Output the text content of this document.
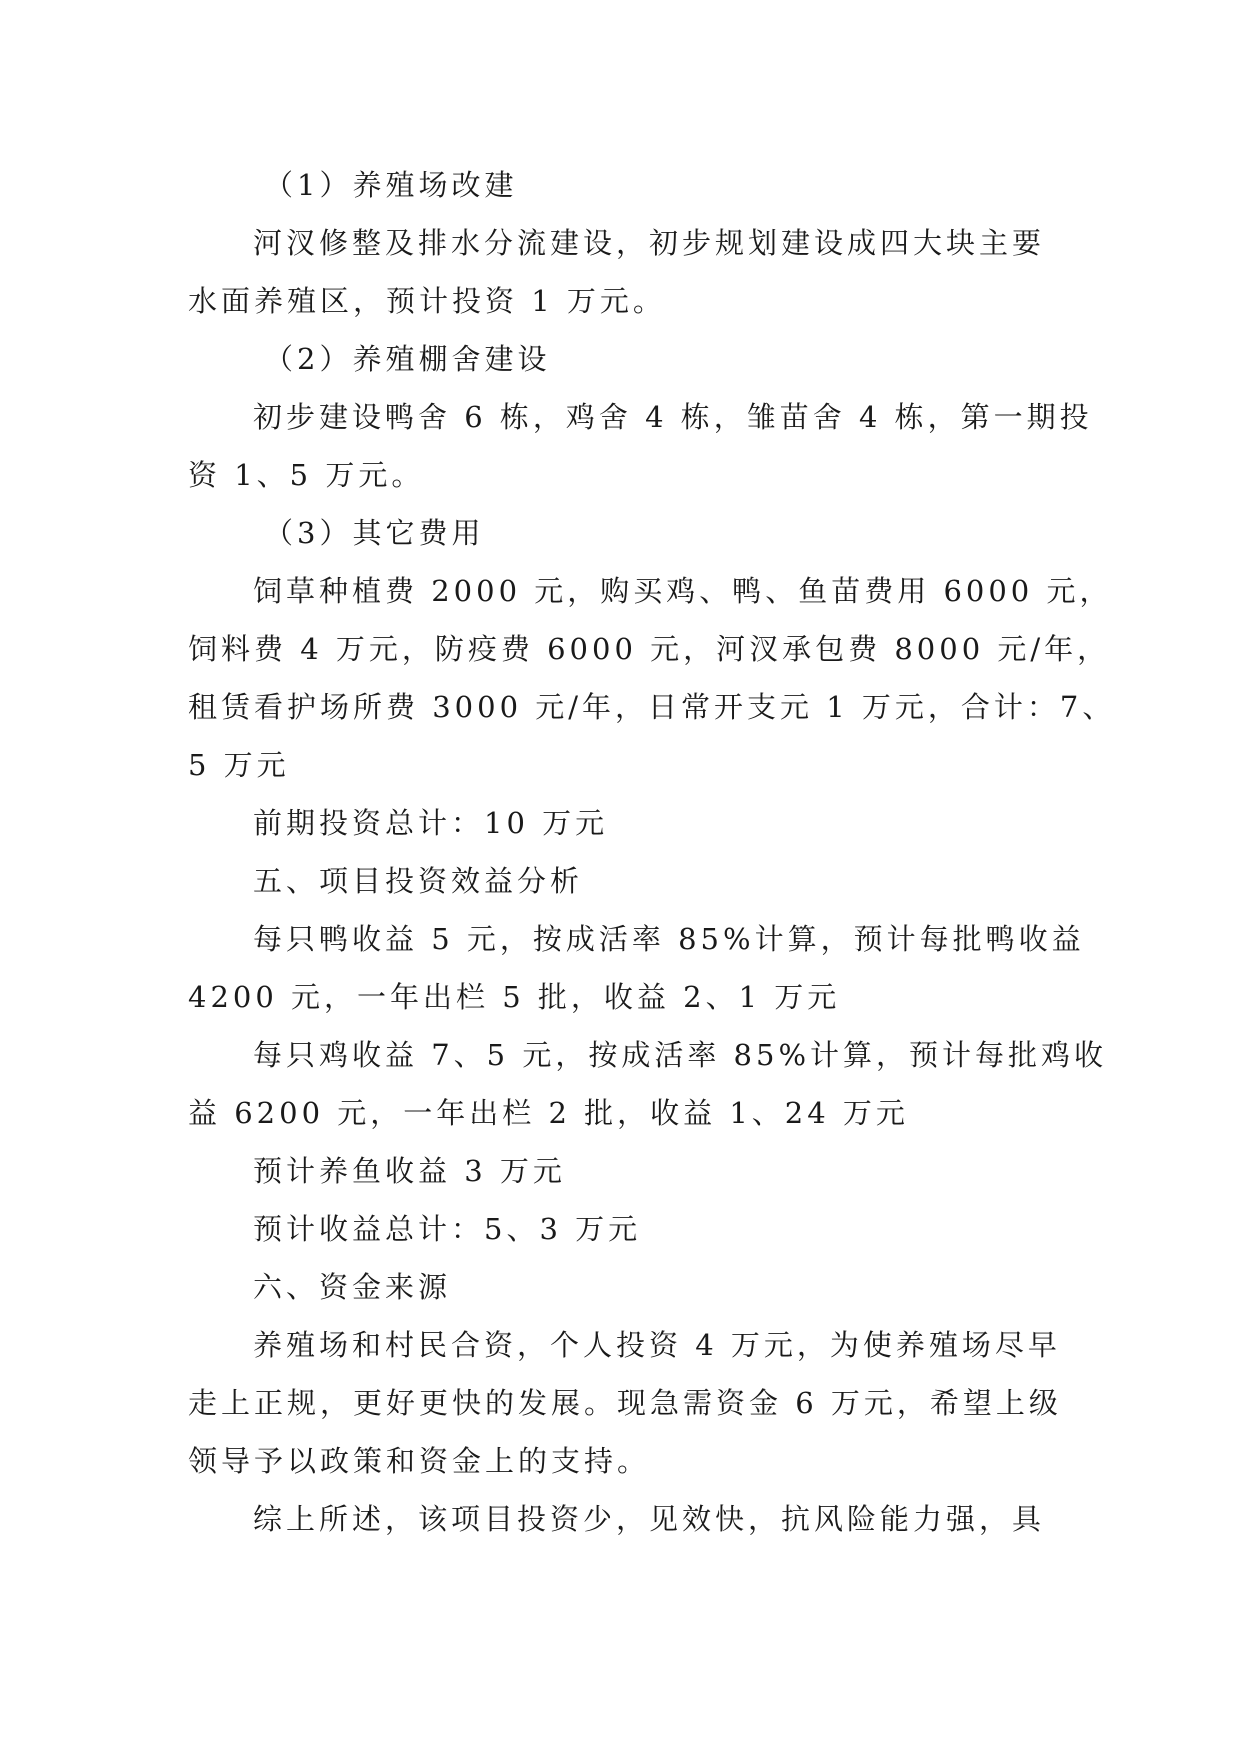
（1）养殖场改建
河汊修整及排水分流建设，初步规划建设成四大块主要
水面养殖区，预计投资 1 万元。
（2）养殖棚舍建设
初步建设鸭舍 6 栋，鸡舍 4 栋，雏苗舍 4 栋，第一期投
资 1、5 万元。
（3）其它费用
饲草种植费 2000 元，购买鸡、鸭、鱼苗费用 6000 元，
饲料费 4 万元，防疫费 6000 元，河汊承包费 8000 元/年，
租赁看护场所费 3000 元/年，日常开支元 1 万元，合计：7、
5 万元
前期投资总计：10 万元
五、项目投资效益分析
每只鸭收益 5 元，按成活率 85%计算，预计每批鸭收益
4200 元，一年出栏 5 批，收益 2、1 万元
每只鸡收益 7、5 元，按成活率 85%计算，预计每批鸡收
益 6200 元，一年出栏 2 批，收益 1、24 万元
预计养鱼收益 3 万元
预计收益总计：5、3 万元
六、资金来源
养殖场和村民合资，个人投资 4 万元，为使养殖场尽早
走上正规，更好更快的发展。现急需资金 6 万元，希望上级
领导予以政策和资金上的支持。
综上所述，该项目投资少，见效快，抗风险能力强，具
